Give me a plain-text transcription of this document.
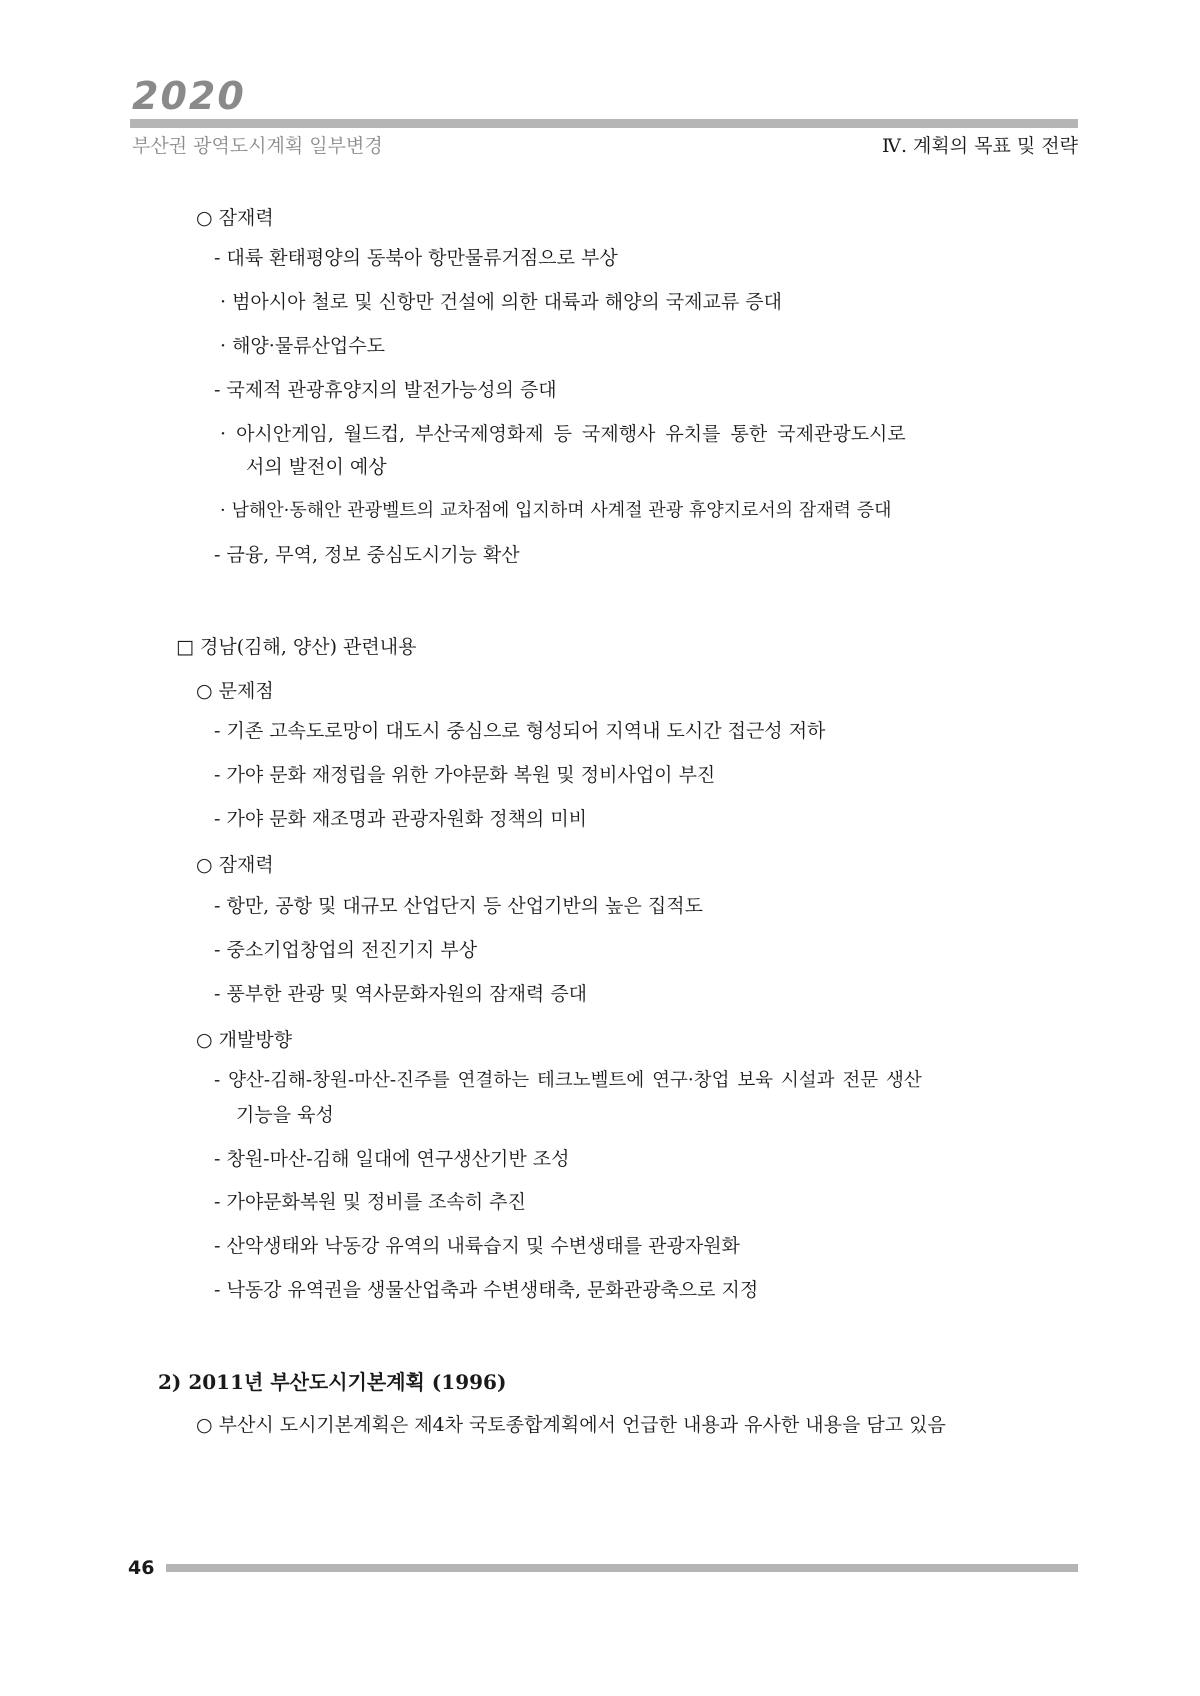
2020
부산권 광역도시계획 일부변경	Ⅳ. 계획의 목표 및 전략
○ 잠재력
- 대륙 환태평양의 동북아 항만물류거점으로 부상
· 범아시아 철로 및 신항만 건설에 의한 대륙과 해양의 국제교류 증대
· 해양·물류산업수도
- 국제적 관광휴양지의 발전가능성의 증대
· 아시안게임, 월드컵, 부산국제영화제 등 국제행사 유치를 통한 국제관광도시로
서의 발전이 예상
· 남해안·동해안 관광벨트의 교차점에 입지하며 사계절 관광 휴양지로서의 잠재력 증대
- 금융, 무역, 정보 중심도시기능 확산
□ 경남(김해, 양산) 관련내용
○ 문제점
- 기존 고속도로망이 대도시 중심으로 형성되어 지역내 도시간 접근성 저하
- 가야 문화 재정립을 위한 가야문화 복원 및 정비사업이 부진
- 가야 문화 재조명과 관광자원화 정책의 미비
○ 잠재력
- 항만, 공항 및 대규모 산업단지 등 산업기반의 높은 집적도
- 중소기업창업의 전진기지 부상
- 풍부한 관광 및 역사문화자원의 잠재력 증대
○ 개발방향
- 양산-김해-창원-마산-진주를 연결하는 테크노벨트에 연구·창업 보육 시설과 전문 생산
기능을 육성
- 창원-마산-김해 일대에 연구생산기반 조성
- 가야문화복원 및 정비를 조속히 추진
- 산악생태와 낙동강 유역의 내륙습지 및 수변생태를 관광자원화
- 낙동강 유역권을 생물산업축과 수변생태축, 문화관광축으로 지정
2) 2011년 부산도시기본계획 (1996)
○ 부산시 도시기본계획은 제4차 국토종합계획에서 언급한 내용과 유사한 내용을 담고 있음
46
